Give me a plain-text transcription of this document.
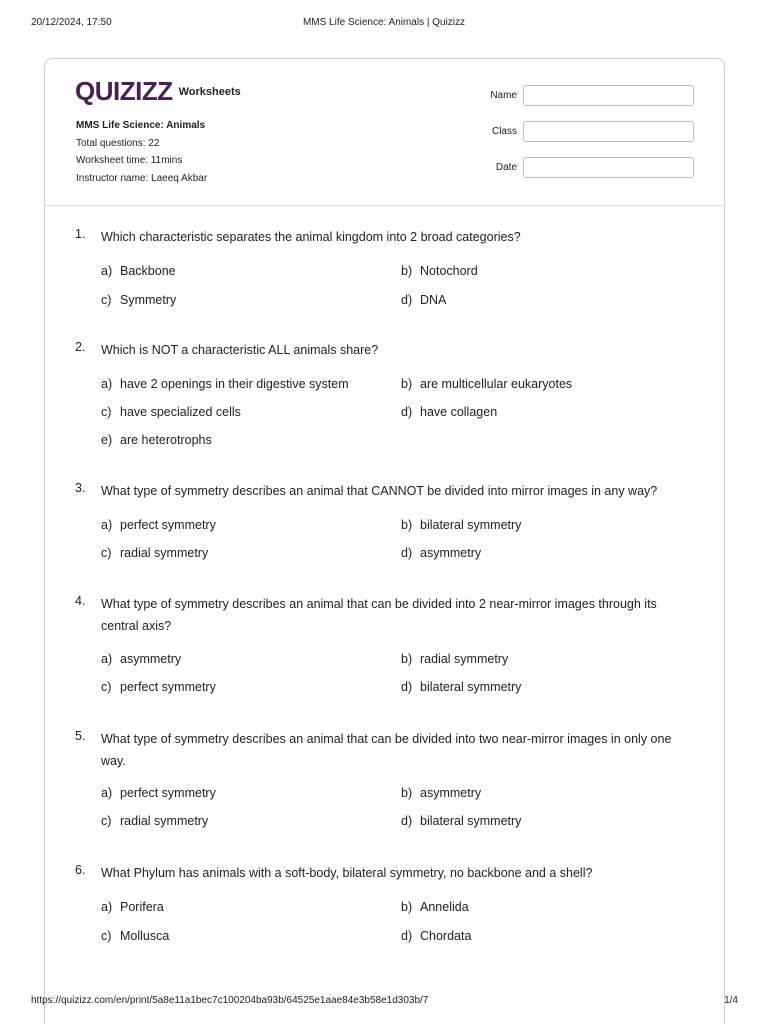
20/12/2024, 17:50	MMS Life Science: Animals | Quizizz
QUIZIZZ Worksheets
MMS Life Science: Animals
Total questions: 22
Worksheet time: 11mins
Instructor name: Laeeq Akbar
Name
Class
Date
1. Which characteristic separates the animal kingdom into 2 broad categories?
a) Backbone	b) Notochord
c) Symmetry	d) DNA
2. Which is NOT a characteristic ALL animals share?
a) have 2 openings in their digestive system	b) are multicellular eukaryotes
c) have specialized cells	d) have collagen
e) are heterotrophs
3. What type of symmetry describes an animal that CANNOT be divided into mirror images in any way?
a) perfect symmetry	b) bilateral symmetry
c) radial symmetry	d) asymmetry
4. What type of symmetry describes an animal that can be divided into 2 near-mirror images through its central axis?
a) asymmetry	b) radial symmetry
c) perfect symmetry	d) bilateral symmetry
5. What type of symmetry describes an animal that can be divided into two near-mirror images in only one way.
a) perfect symmetry	b) asymmetry
c) radial symmetry	d) bilateral symmetry
6. What Phylum has animals with a soft-body, bilateral symmetry, no backbone and a shell?
a) Porifera	b) Annelida
c) Mollusca	d) Chordata
https://quizizz.com/en/print/5a8e11a1bec7c100204ba93b/64525e1aae84e3b58e1d303b/7	1/4
